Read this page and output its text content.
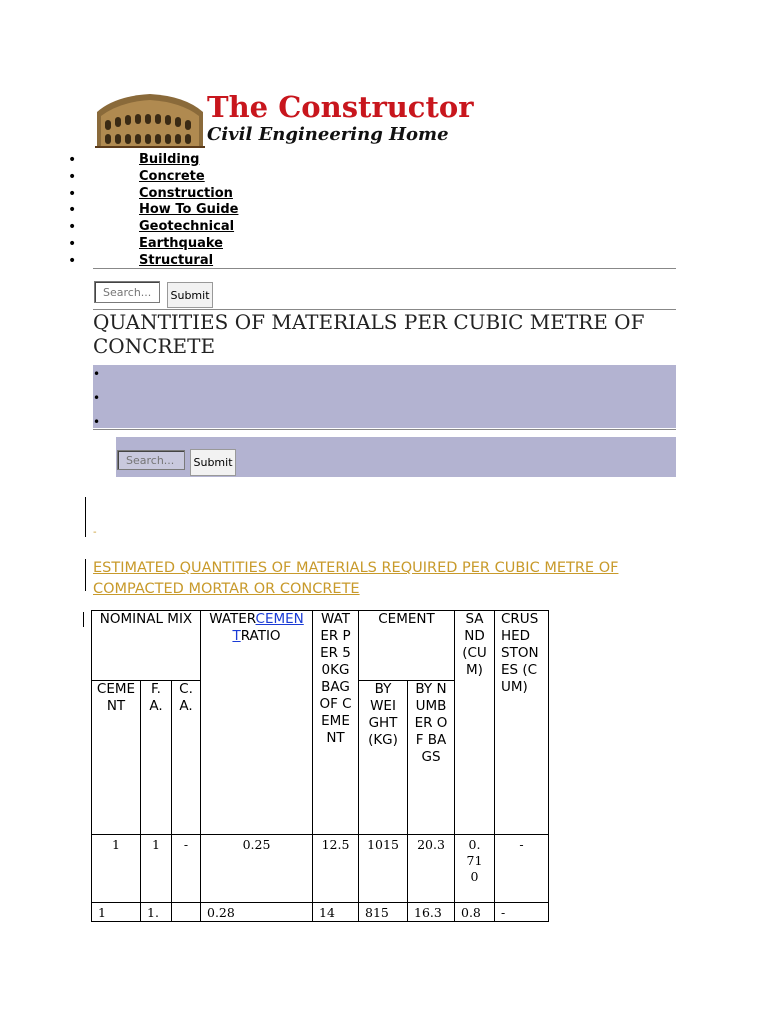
The Constructor
Civil Engineering Home
•	Building
•	Concrete
•	Construction
•	How To Guide
•	Geotechnical
•	Earthquake
•	Structural
Search...
Submit
QUANTITIES OF MATERIALS PER CUBIC METRE OF CONCRETE
•
•
•
Search...
Submit
-
ESTIMATED QUANTITIES OF MATERIALS REQUIRED PER CUBIC METRE OF COMPACTED MORTAR OR CONCRETE
NOMINAL MIX			WATERCEMENTRATIO	WATER PER 50KG BAG OF CEMENT	CEMENT		SAND (CUM)	CRUSHED STONES (CUM)
CEMENT	F.A.	C.A.			BY WEIGHT (KG)	BY NUMBER OF BAGS		
1	1	-	0.25	12.5	1015	20.3	0.710	-
1	1.		0.28	14	815	16.3	0.8	-
